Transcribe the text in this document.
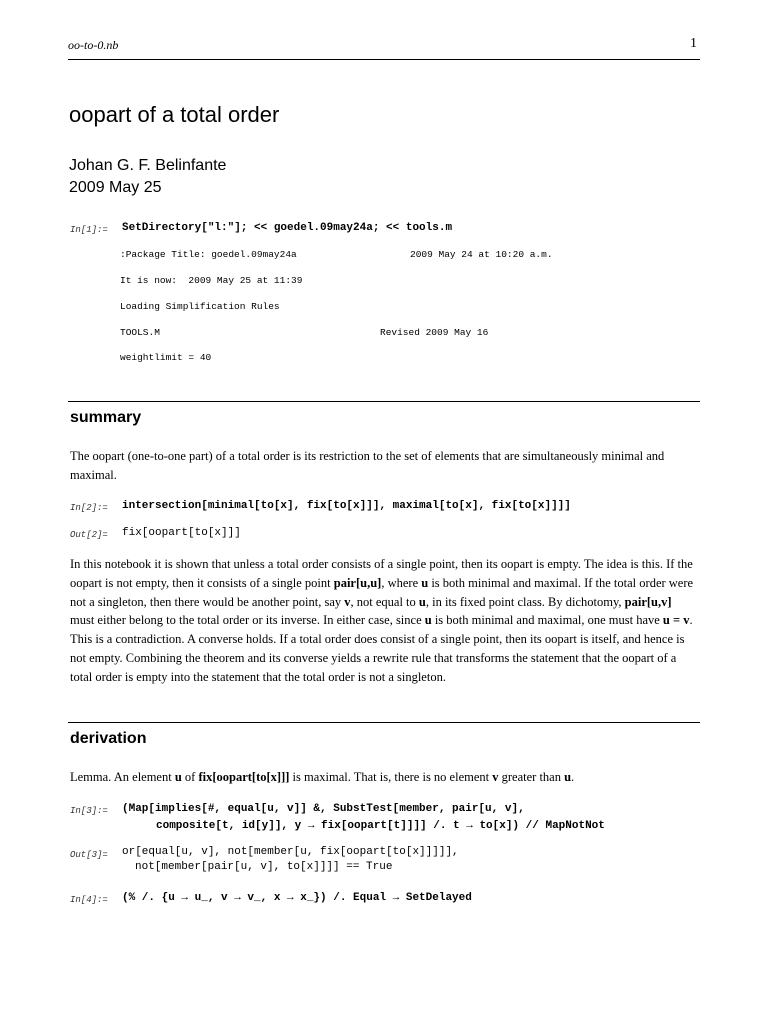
oo-to-0.nb	1
oopart of a total order
Johan G. F. Belinfante
2009 May 25
In[1]:= SetDirectory["l:"]; << goedel.09may24a; << tools.m
:Package Title: goedel.09may24a	2009 May 24 at 10:20 a.m.
It is now:  2009 May 25 at 11:39
Loading Simplification Rules
TOOLS.M	Revised 2009 May 16
weightlimit = 40
summary
The oopart (one-to-one part) of a total order is its restriction to the set of elements that are simultaneously minimal and maximal.
In[2]:= intersection[minimal[to[x], fix[to[x]]], maximal[to[x], fix[to[x]]]]
Out[2]= fix[oopart[to[x]]]
In this notebook it is shown that unless a total order consists of a single point, then its oopart is empty. The idea is this. If the oopart is not empty, then it consists of a single point pair[u,u], where u is both minimal and maximal. If the total order were not a singleton, then there would be another point, say v, not equal to u, in its fixed point class. By dichotomy, pair[u,v] must either belong to the total order or its inverse. In either case, since u is both minimal and maximal, one must have u = v. This is a contradiction. A converse holds. If a total order does consist of a single point, then its oopart is itself, and hence is not empty. Combining the theorem and its converse yields a rewrite rule that transforms the statement that the oopart of a total order is empty into the statement that the total order is not a singleton.
derivation
Lemma. An element u of fix[oopart[to[x]]] is maximal. That is, there is no element v greater than u.
In[3]:= (Map[implies[#, equal[u, v]] &, SubstTest[member, pair[u, v],
composite[t, id[y]], y → fix[oopart[t]]]] /. t → to[x]) // MapNotNot
Out[3]= or[equal[u, v], not[member[u, fix[oopart[to[x]]]]],
not[member[pair[u, v], to[x]]]] == True
In[4]:= (% /. {u → u_, v → v_, x → x_}) /. Equal → SetDelayed
